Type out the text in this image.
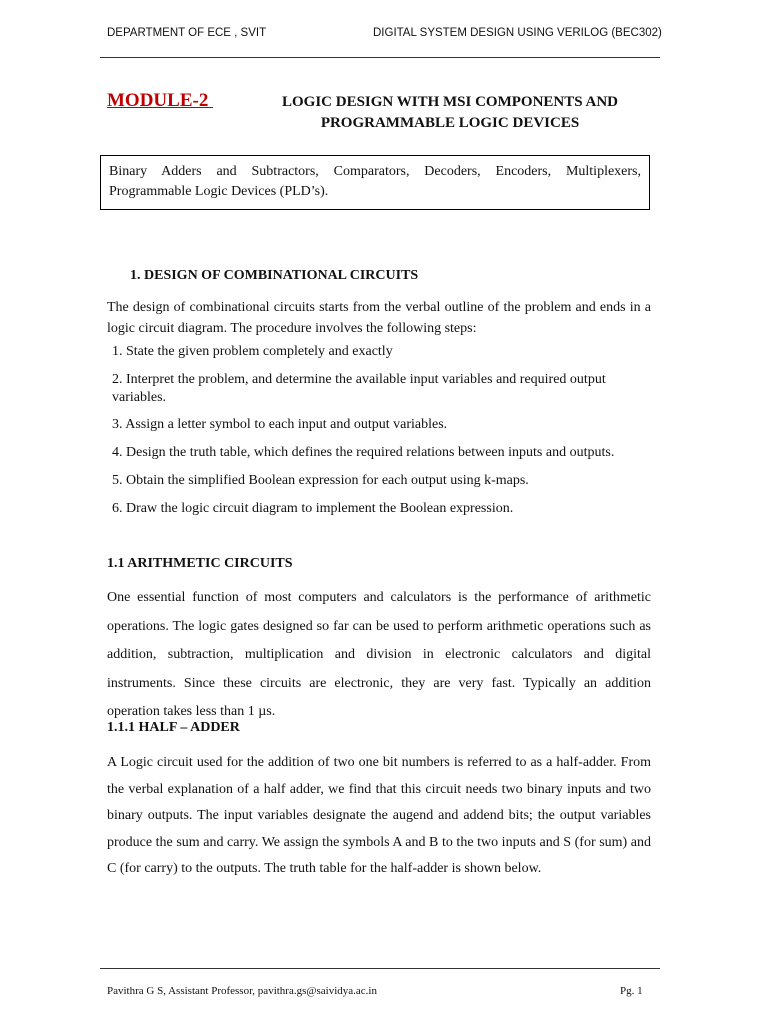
DEPARTMENT OF ECE , SVIT	DIGITAL SYSTEM DESIGN USING VERILOG (BEC302)
MODULE-2	LOGIC DESIGN WITH MSI COMPONENTS AND PROGRAMMABLE LOGIC DEVICES
Binary Adders and Subtractors, Comparators, Decoders, Encoders, Multiplexers, Programmable Logic Devices (PLD’s).
1. DESIGN OF COMBINATIONAL CIRCUITS
The design of combinational circuits starts from the verbal outline of the problem and ends in a logic circuit diagram. The procedure involves the following steps:
1. State the given problem completely and exactly
2. Interpret the problem, and determine the available input variables and required output variables.
3. Assign a letter symbol to each input and output variables.
4. Design the truth table, which defines the required relations between inputs and outputs.
5. Obtain the simplified Boolean expression for each output using k-maps.
6. Draw the logic circuit diagram to implement the Boolean expression.
1.1 ARITHMETIC CIRCUITS
One essential function of most computers and calculators is the performance of arithmetic operations. The logic gates designed so far can be used to perform arithmetic operations such as addition, subtraction, multiplication and division in electronic calculators and digital instruments. Since these circuits are electronic, they are very fast. Typically an addition operation takes less than 1 µs.
1.1.1 HALF – ADDER
A Logic circuit used for the addition of two one bit numbers is referred to as a half-adder. From the verbal explanation of a half adder, we find that this circuit needs two binary inputs and two binary outputs. The input variables designate the augend and addend bits; the output variables produce the sum and carry. We assign the symbols A and B to the two inputs and S (for sum) and C (for carry) to the outputs. The truth table for the half-adder is shown below.
Pavithra G S, Assistant Professor, pavithra.gs@saividya.ac.in	Pg. 1
